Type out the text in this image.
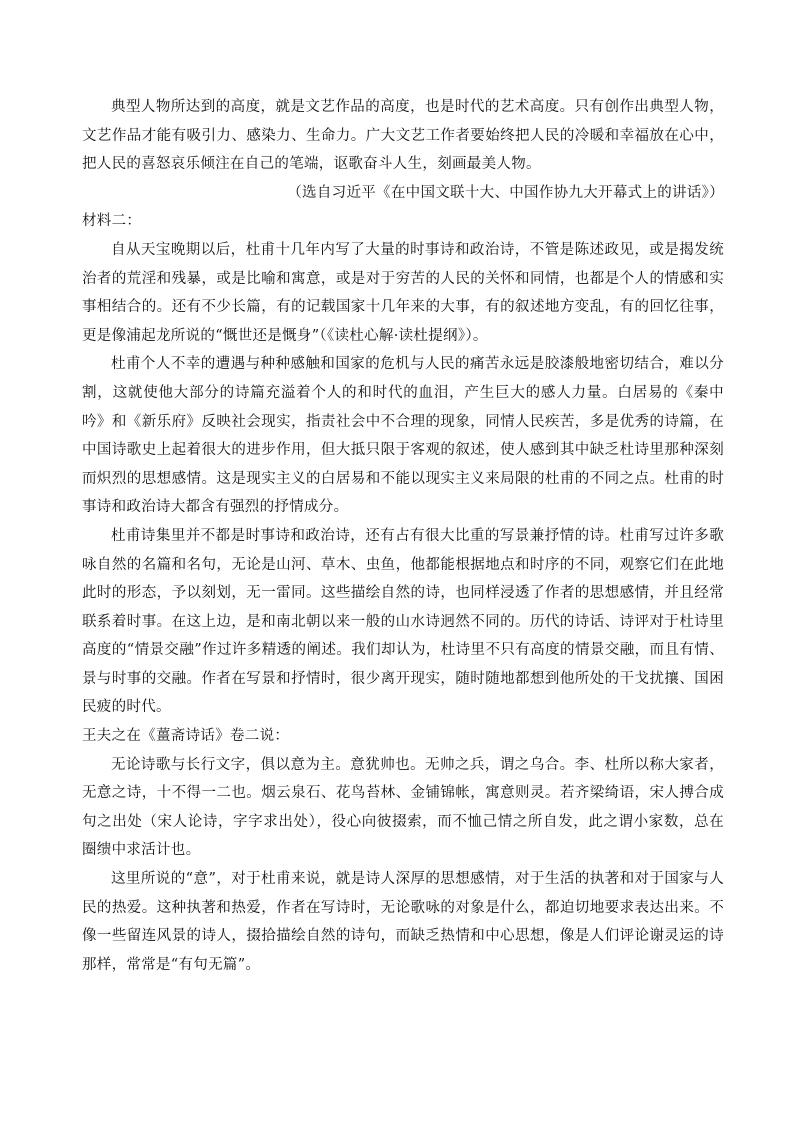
典型人物所达到的高度，就是文艺作品的高度，也是时代的艺术高度。只有创作出典型人物，文艺作品才能有吸引力、感染力、生命力。广大文艺工作者要始终把人民的冷暖和幸福放在心中，把人民的喜怒哀乐倾注在自己的笔端，讴歌奋斗人生，刻画最美人物。

（选自习近平《在中国文联十大、中国作协九大开幕式上的讲话》）

材料二：

自从天宝晚期以后，杜甫十几年内写了大量的时事诗和政治诗，不管是陈述政见，或是揭发统治者的荒淫和残暴，或是比喻和寓意，或是对于穷苦的人民的关怀和同情，也都是个人的情感和实事相结合的。还有不少长篇，有的记载国家十几年来的大事，有的叙述地方变乱，有的回忆往事，更是像浦起龙所说的“慨世还是慨身”（《读杜心解·读杜提纲》）。

杜甫个人不幸的遭遇与种种感触和国家的危机与人民的痛苦永远是胶漆般地密切结合，难以分割，这就使他大部分的诗篇充溢着个人的和时代的血泪，产生巨大的感人力量。白居易的《秦中吟》和《新乐府》反映社会现实，指责社会中不合理的现象，同情人民疾苦，多是优秀的诗篇，在中国诗歌史上起着很大的进步作用，但大抵只限于客观的叙述，使人感到其中缺乏杜诗里那种深刻而炽烈的思想感情。这是现实主义的白居易和不能以现实主义来局限的杜甫的不同之点。杜甫的时事诗和政治诗大都含有强烈的抒情成分。

杜甫诗集里并不都是时事诗和政治诗，还有占有很大比重的写景兼抒情的诗。杜甫写过许多歌咏自然的名篇和名句，无论是山河、草木、虫鱼，他都能根据地点和时序的不同，观察它们在此地此时的形态，予以刻划，无一雷同。这些描绘自然的诗，也同样浸透了作者的思想感情，并且经常联系着时事。在这上边，是和南北朝以来一般的山水诗迥然不同的。历代的诗话、诗评对于杜诗里高度的“情景交融”作过许多精透的阐述。我们却认为，杜诗里不只有高度的情景交融，而且有情、景与时事的交融。作者在写景和抒情时，很少离开现实，随时随地都想到他所处的干戈扰攘、国困民疲的时代。

王夫之在《薑斋诗话》卷二说：

无论诗歌与长行文字，俱以意为主。意犹帅也。无帅之兵，谓之乌合。李、杜所以称大家者，无意之诗，十不得一二也。烟云泉石、花鸟苔林、金铺锦帐，寓意则灵。若齐梁绮语，宋人搏合成句之出处（宋人论诗，字字求出处），役心向彼掇索，而不恤己情之所自发，此之谓小家数，总在圈缋中求活计也。

这里所说的“意”，对于杜甫来说，就是诗人深厚的思想感情，对于生活的执著和对于国家与人民的热爱。这种执著和热爱，作者在写诗时，无论歌咏的对象是什么，都迫切地要求表达出来。不像一些留连风景的诗人，掇拾描绘自然的诗句，而缺乏热情和中心思想，像是人们评论谢灵运的诗那样，常常是“有句无篇”。
